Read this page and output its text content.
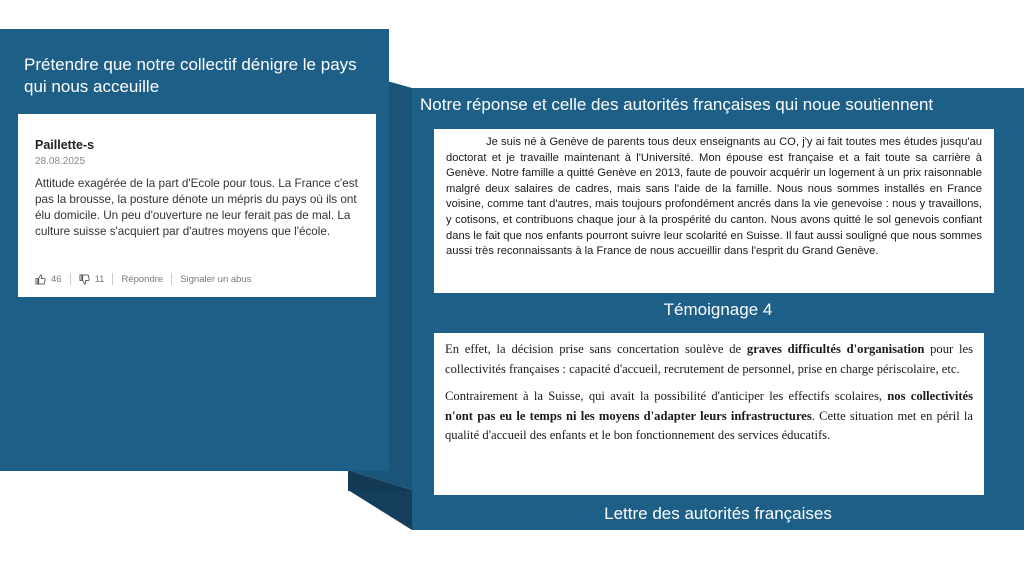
Prétendre que notre collectif dénigre le pays qui nous acceuille
Paillette-s
28.08.2025
Attitude exagérée de la part d'Ecole pour tous. La France c'est pas la brousse, la posture dénote un mépris du pays où ils ont élu domicile. Un peu d'ouverture ne leur ferait pas de mal. La culture suisse s'acquiert par d'autres moyens que l'école.
46	11 Répondre Signaler un abus
Notre réponse et celle des autorités françaises qui noue soutiennent
Je suis né à Genève de parents tous deux enseignants au CO, j'y ai fait toutes mes études jusqu'au doctorat et je travaille maintenant à l'Université. Mon épouse est française et a fait toute sa carrière à Genève. Notre famille a quitté Genève en 2013, faute de pouvoir acquérir un logement à un prix raisonnable malgré deux salaires de cadres, mais sans l'aide de la famille. Nous nous sommes installés en France voisine, comme tant d'autres, mais toujours profondément ancrés dans la vie genevoise : nous y travaillons, y cotisons, et contribuons chaque jour à la prospérité du canton. Nous avons quitté le sol genevois confiant dans le fait que nos enfants pourront suivre leur scolarité en Suisse. Il faut aussi souligné que nous sommes aussi très reconnaissants à la France de nous accueillir dans l'esprit du Grand Genève.
Témoignage 4

En effet, la décision prise sans concertation soulève de graves difficultés d'organisation pour les collectivités françaises : capacité d'accueil, recrutement de personnel, prise en charge périscolaire, etc.

Contrairement à la Suisse, qui avait la possibilité d'anticiper les effectifs scolaires, nos collectivités n'ont pas eu le temps ni les moyens d'adapter leurs infrastructures. Cette situation met en péril la qualité d'accueil des enfants et le bon fonctionnement des services éducatifs.

Lettre des autorités françaises
